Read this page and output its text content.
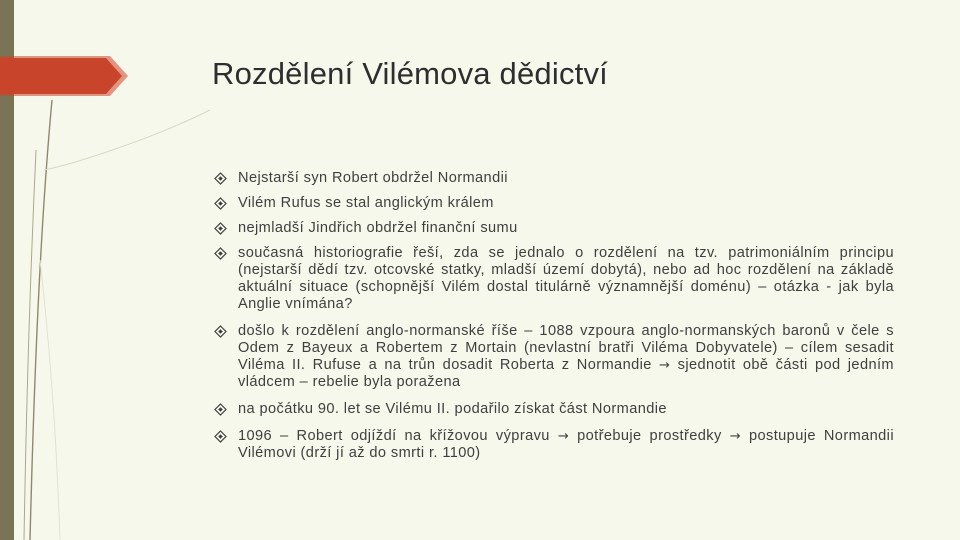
Rozdělení Vilémova dědictví
Nejstarší syn Robert obdržel Normandii
Vilém Rufus se stal anglickým králem
nejmladší Jindřich obdržel finanční sumu
současná historiografie řeší, zda se jednalo o rozdělení na tzv. patrimoniálním principu (nejstarší dědí tzv. otcovské statky, mladší území dobytá), nebo ad hoc rozdělení na základě aktuální situace (schopnější Vilém dostal titulárně významnější doménu) – otázka - jak byla Anglie vnímána?
došlo k rozdělení anglo-normanské říše – 1088 vzpoura anglo-normanských baronů v čele s Odem z Bayeux a Robertem z Mortain (nevlastní bratři Viléma Dobyvatele) – cílem sesadit Viléma II. Rufuse a na trůn dosadit Roberta z Normandie → sjednotit obě části pod jedním vládcem – rebelie byla poražena
na počátku 90. let se Vilému II. podařilo získat část Normandie
1096 – Robert odjíždí na křížovou výpravu → potřebuje prostředky → postupuje Normandii Vilémovi (drží jí až do smrti r. 1100)
